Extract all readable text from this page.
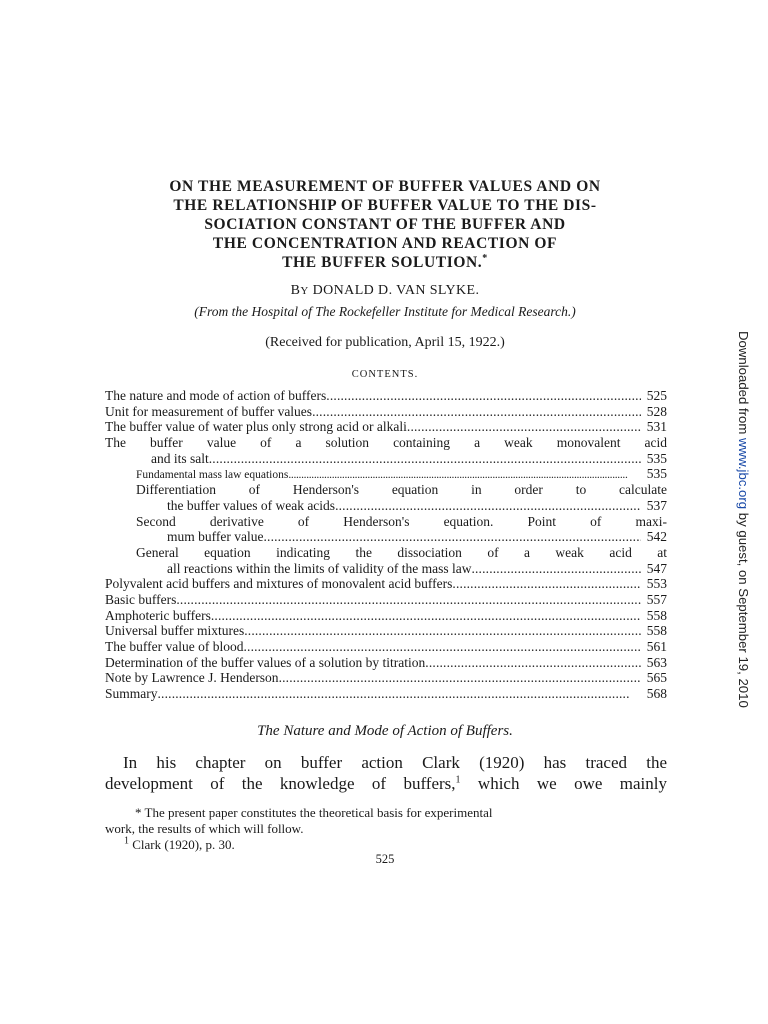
ON THE MEASUREMENT OF BUFFER VALUES AND ON
THE RELATIONSHIP OF BUFFER VALUE TO THE DIS-
SOCIATION CONSTANT OF THE BUFFER AND
THE CONCENTRATION AND REACTION OF
THE BUFFER SOLUTION.*
BY DONALD D. VAN SLYKE.
(From the Hospital of The Rockefeller Institute for Medical Research.)
(Received for publication, April 15, 1922.)
CONTENTS.
The nature and mode of action of buffers . . .	525
Unit for measurement of buffer values . . .	528
The buffer value of water plus only strong acid or alkali . . .	531
The buffer value of a solution containing a weak monovalent acid
and its salt . . .	535
Fundamental mass law equations . . .	535
Differentiation of Henderson's equation in order to calculate
the buffer values of weak acids . . .	537
Second derivative of Henderson's equation. Point of maxi-
mum buffer value . . .	542
General equation indicating the dissociation of a weak acid at
all reactions within the limits of validity of the mass law . . .	547
Polyvalent acid buffers and mixtures of monovalent acid buffers . . .	553
Basic buffers . . .	557
Amphoteric buffers . . .	558
Universal buffer mixtures . . .	558
The buffer value of blood . . .	561
Determination of the buffer values of a solution by titration . . .	563
Note by Lawrence J. Henderson . . .	565
Summary . . .	568
The Nature and Mode of Action of Buffers.
In his chapter on buffer action Clark (1920) has traced the
development of the knowledge of buffers,$^1$ which we owe mainly
* The present paper constitutes the theoretical basis for experimental
work, the results of which will follow.
$^1$ Clark (1920), p. 30.
525
Downloaded from www.jbc.org by guest, on September 19, 2010
